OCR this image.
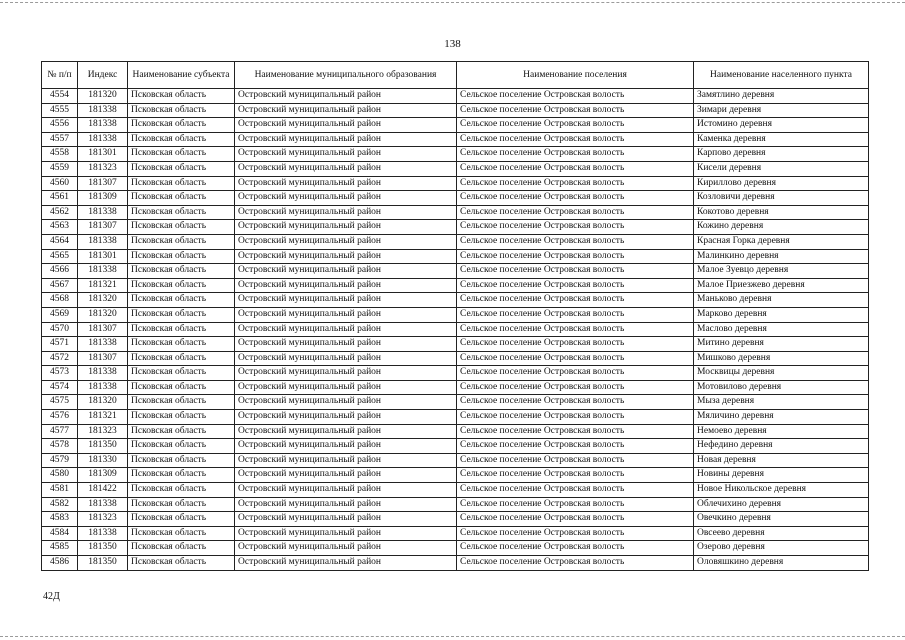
138
№ п/п	Индекс	Наименование субъекта	Наименование муниципального образования	Наименование поселения	Наименование населенного пункта
4554	181320	Псковская область	Островский муниципальный район	Сельское поселение Островская волость	Замятлино деревня
4555	181338	Псковская область	Островский муниципальный район	Сельское поселение Островская волость	Зимари деревня
4556	181338	Псковская область	Островский муниципальный район	Сельское поселение Островская волость	Истомино деревня
4557	181338	Псковская область	Островский муниципальный район	Сельское поселение Островская волость	Каменка деревня
4558	181301	Псковская область	Островский муниципальный район	Сельское поселение Островская волость	Карпово деревня
4559	181323	Псковская область	Островский муниципальный район	Сельское поселение Островская волость	Кисели деревня
4560	181307	Псковская область	Островский муниципальный район	Сельское поселение Островская волость	Кириллово деревня
4561	181309	Псковская область	Островский муниципальный район	Сельское поселение Островская волость	Козловичи деревня
4562	181338	Псковская область	Островский муниципальный район	Сельское поселение Островская волость	Кокотово деревня
4563	181307	Псковская область	Островский муниципальный район	Сельское поселение Островская волость	Кожино деревня
4564	181338	Псковская область	Островский муниципальный район	Сельское поселение Островская волость	Красная Горка деревня
4565	181301	Псковская область	Островский муниципальный район	Сельское поселение Островская волость	Малинкино деревня
4566	181338	Псковская область	Островский муниципальный район	Сельское поселение Островская волость	Малое Зуевцо деревня
4567	181321	Псковская область	Островский муниципальный район	Сельское поселение Островская волость	Малое Приезжево деревня
4568	181320	Псковская область	Островский муниципальный район	Сельское поселение Островская волость	Маньково деревня
4569	181320	Псковская область	Островский муниципальный район	Сельское поселение Островская волость	Марково деревня
4570	181307	Псковская область	Островский муниципальный район	Сельское поселение Островская волость	Маслово деревня
4571	181338	Псковская область	Островский муниципальный район	Сельское поселение Островская волость	Митино деревня
4572	181307	Псковская область	Островский муниципальный район	Сельское поселение Островская волость	Мишково деревня
4573	181338	Псковская область	Островский муниципальный район	Сельское поселение Островская волость	Москвицы деревня
4574	181338	Псковская область	Островский муниципальный район	Сельское поселение Островская волость	Мотовилово деревня
4575	181320	Псковская область	Островский муниципальный район	Сельское поселение Островская волость	Мыза деревня
4576	181321	Псковская область	Островский муниципальный район	Сельское поселение Островская волость	Мяличино деревня
4577	181323	Псковская область	Островский муниципальный район	Сельское поселение Островская волость	Немоево деревня
4578	181350	Псковская область	Островский муниципальный район	Сельское поселение Островская волость	Нефедино деревня
4579	181330	Псковская область	Островский муниципальный район	Сельское поселение Островская волость	Новая деревня
4580	181309	Псковская область	Островский муниципальный район	Сельское поселение Островская волость	Новины деревня
4581	181422	Псковская область	Островский муниципальный район	Сельское поселение Островская волость	Новое Никольское деревня
4582	181338	Псковская область	Островский муниципальный район	Сельское поселение Островская волость	Облечихино деревня
4583	181323	Псковская область	Островский муниципальный район	Сельское поселение Островская волость	Овечкино деревня
4584	181338	Псковская область	Островский муниципальный район	Сельское поселение Островская волость	Овсеево деревня
4585	181350	Псковская область	Островский муниципальный район	Сельское поселение Островская волость	Озерово деревня
4586	181350	Псковская область	Островский муниципальный район	Сельское поселение Островская волость	Оловяшкино деревня
42Д
